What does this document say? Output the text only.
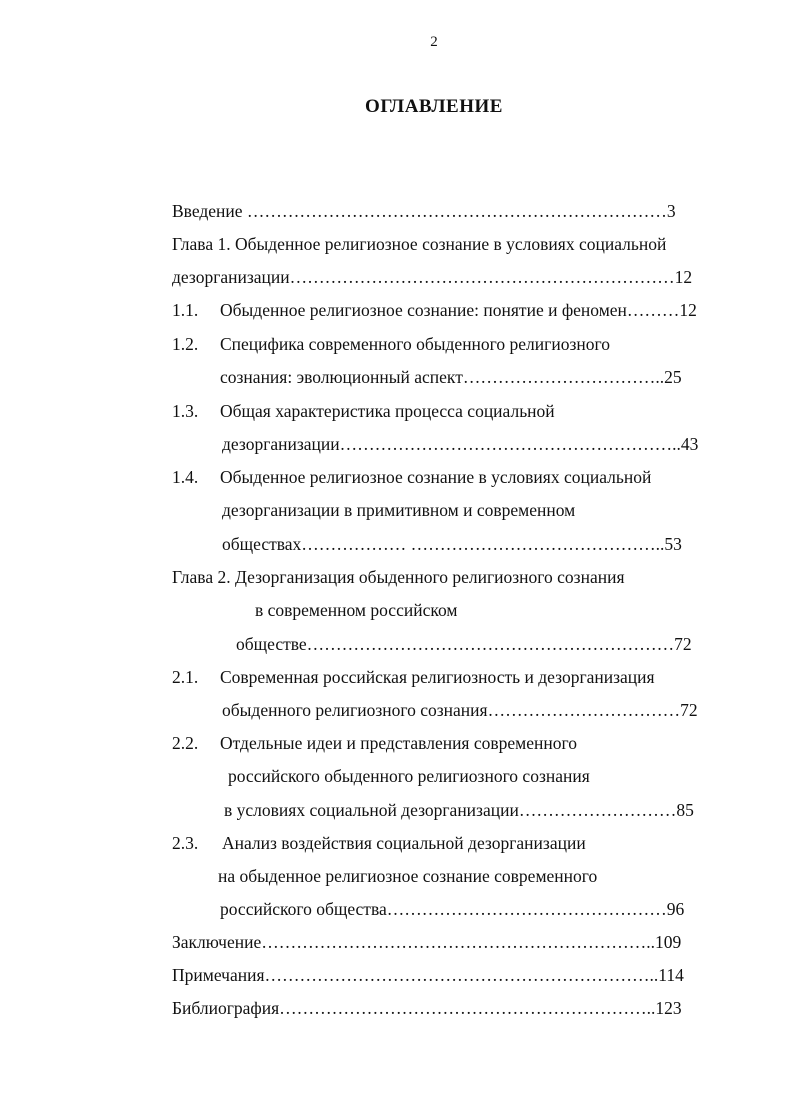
2
ОГЛАВЛЕНИЕ
Введение ………………………………………………………………3
Глава 1. Обыденное религиозное сознание в условиях социальной
дезорганизации…………………………………………………………12
1.1. Обыденное религиозное сознание: понятие и феномен………12
1.2. Специфика современного обыденного религиозного
сознания: эволюционный аспект……………………………..25
1.3. Общая характеристика процесса социальной
дезорганизации…………………………………………………..43
1.4. Обыденное религиозное сознание в условиях социальной
дезорганизации в примитивном и современном
обществах……………… ……………………………………..53
Глава 2. Дезорганизация обыденного религиозного сознания
в современном российском
обществе………………………………………………………72
2.1. Современная российская религиозность и дезорганизация
обыденного религиозного сознания……………………………72
2.2. Отдельные идеи и представления современного
российского обыденного религиозного сознания
в условиях социальной дезорганизации………………………85
2.3. Анализ воздействия социальной дезорганизации
на обыденное религиозное сознание современного
российского общества…………………………………………96
Заключение…………………………………………………………..109
Примечания…………………………………………………………..114
Библиография………………………………………………………..123
